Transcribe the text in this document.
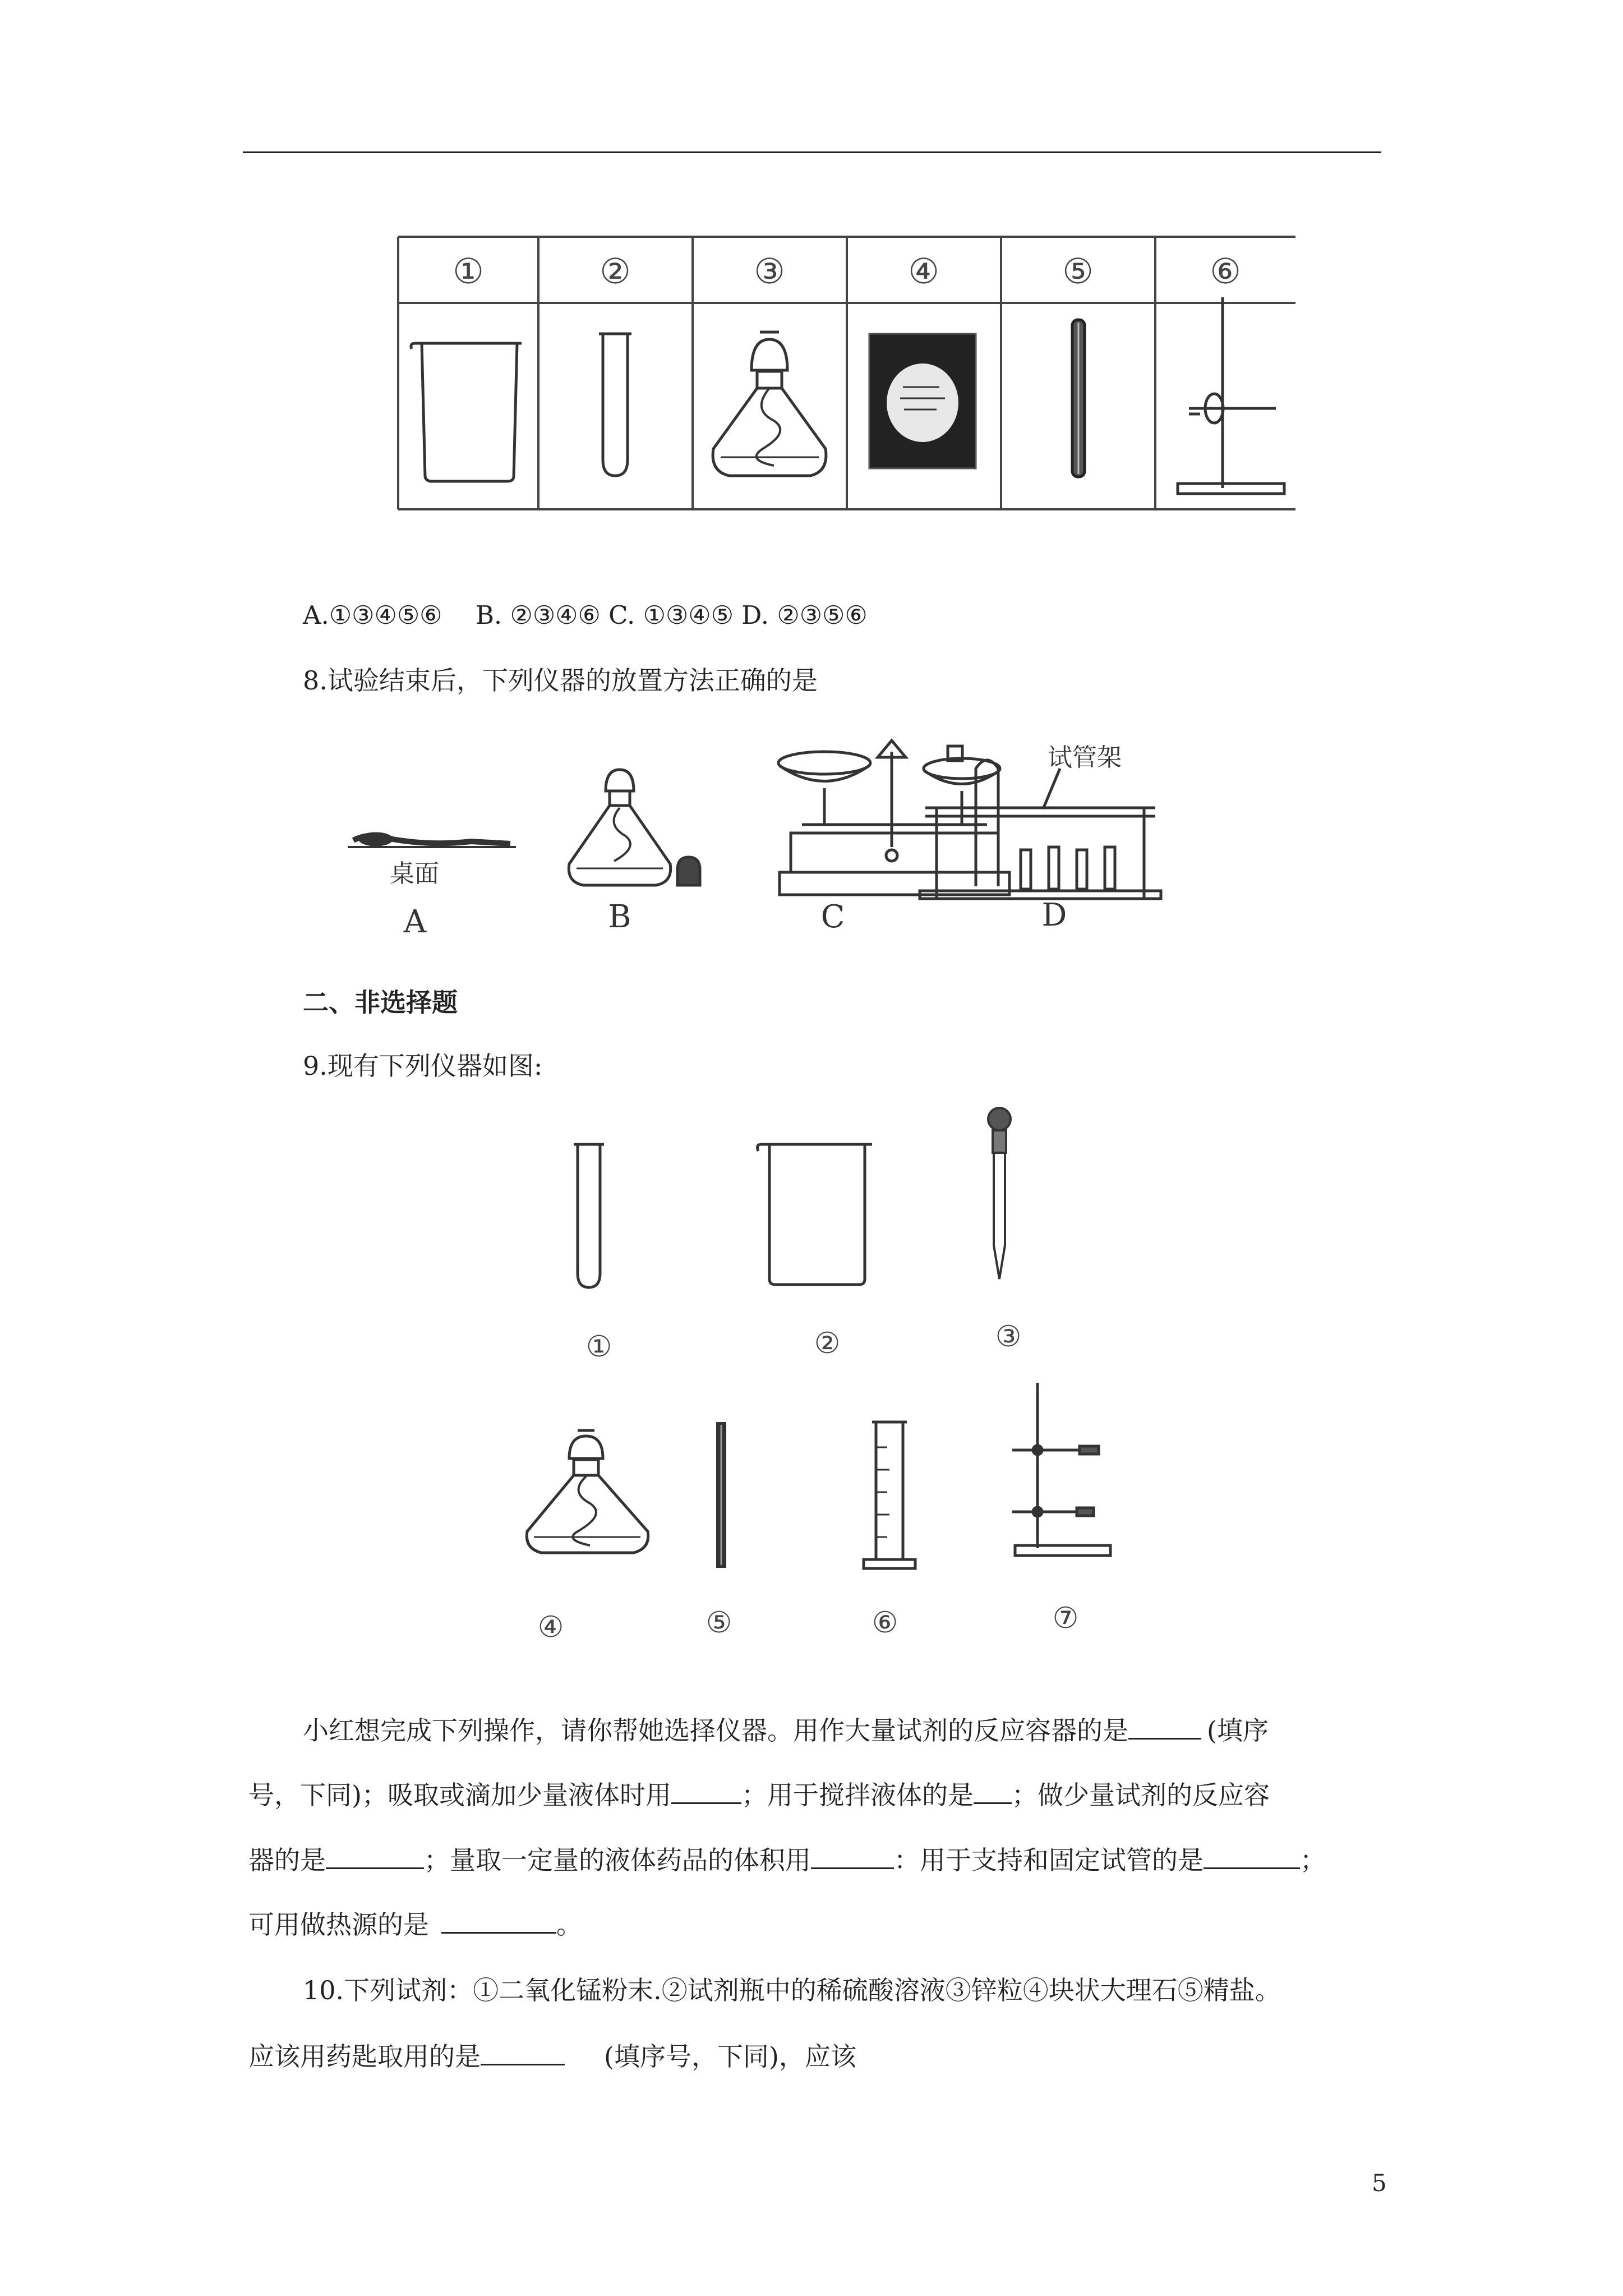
①	②	③	④	⑤	⑥
A.①③④⑤⑥　 B. ②③④⑥ C. ①③④⑤ D. ②③⑤⑥
8.试验结束后，下列仪器的放置方法正确的是
桌面
试管架
A	B	C	D
二、非选择题
9.现有下列仪器如图:
①	②	③
④	⑤	⑥	⑦
小红想完成下列操作，请你帮她选择仪器。用作大量试剂的反应容器的是	(填序
号，下同)；吸取或滴加少量液体时用	；用于搅拌液体的是 ；做少量试剂的反应容
器的是	；量取一定量的液体药品的体积用	：用于支持和固定试管的是	；
可用做热源的是	。
10.下列试剂：①二氧化锰粉末.②试剂瓶中的稀硫酸溶液③锌粒④块状大理石⑤精盐。
应该用药匙取用的是	(填序号，下同)，应该
5
